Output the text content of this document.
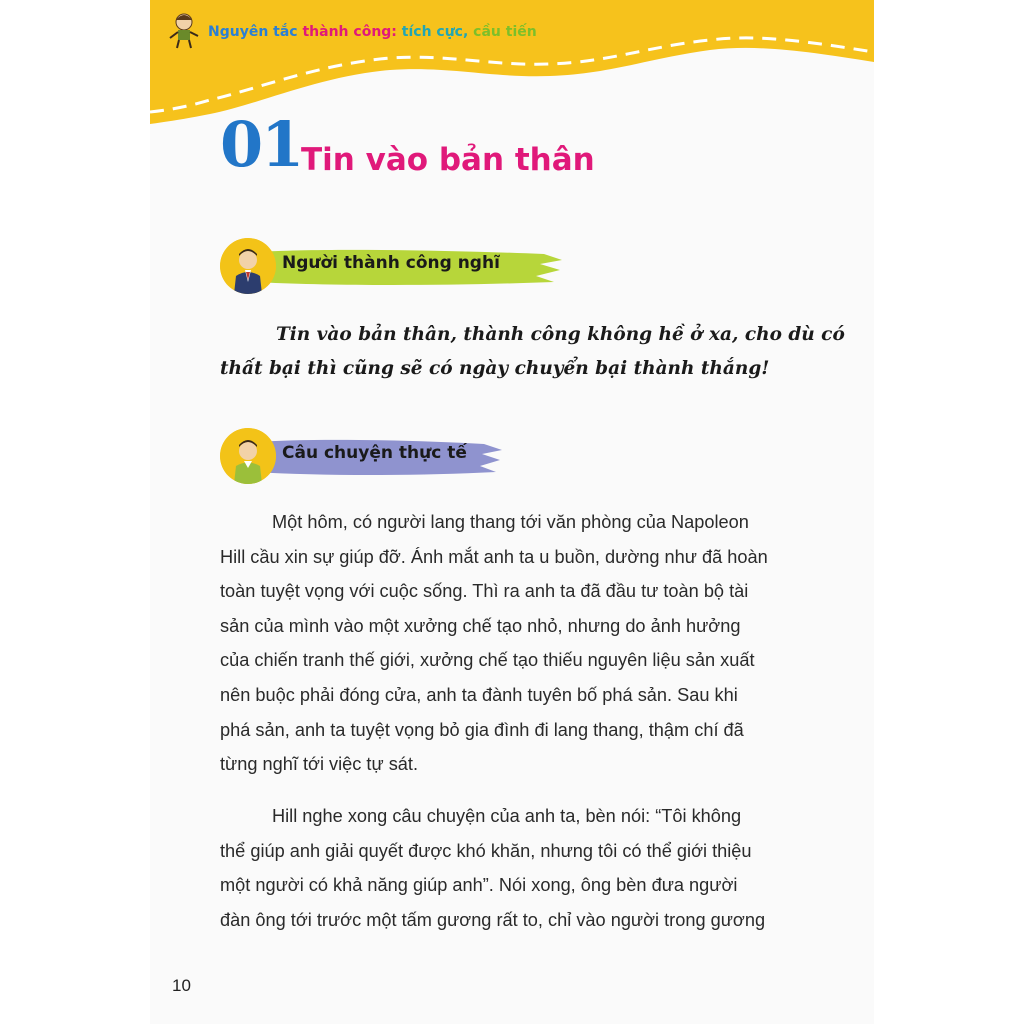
Nguyên tắc thành công: tích cực, cầu tiến
01
Tin vào bản thân
Người thành công nghĩ
Tin vào bản thân, thành công không hề ở xa, cho dù có
thất bại thì cũng sẽ có ngày chuyển bại thành thắng!
Câu chuyện thực tế
Một hôm, có người lang thang tới văn phòng của Napoleon
Hill cầu xin sự giúp đỡ. Ánh mắt anh ta u buồn, dường như đã hoàn
toàn tuyệt vọng với cuộc sống. Thì ra anh ta đã đầu tư toàn bộ tài
sản của mình vào một xưởng chế tạo nhỏ, nhưng do ảnh hưởng
của chiến tranh thế giới, xưởng chế tạo thiếu nguyên liệu sản xuất
nên buộc phải đóng cửa, anh ta đành tuyên bố phá sản. Sau khi
phá sản, anh ta tuyệt vọng bỏ gia đình đi lang thang, thậm chí đã
từng nghĩ tới việc tự sát.
Hill nghe xong câu chuyện của anh ta, bèn nói: “Tôi không
thể giúp anh giải quyết được khó khăn, nhưng tôi có thể giới thiệu
một người có khả năng giúp anh”. Nói xong, ông bèn đưa người
đàn ông tới trước một tấm gương rất to, chỉ vào người trong gương
10
